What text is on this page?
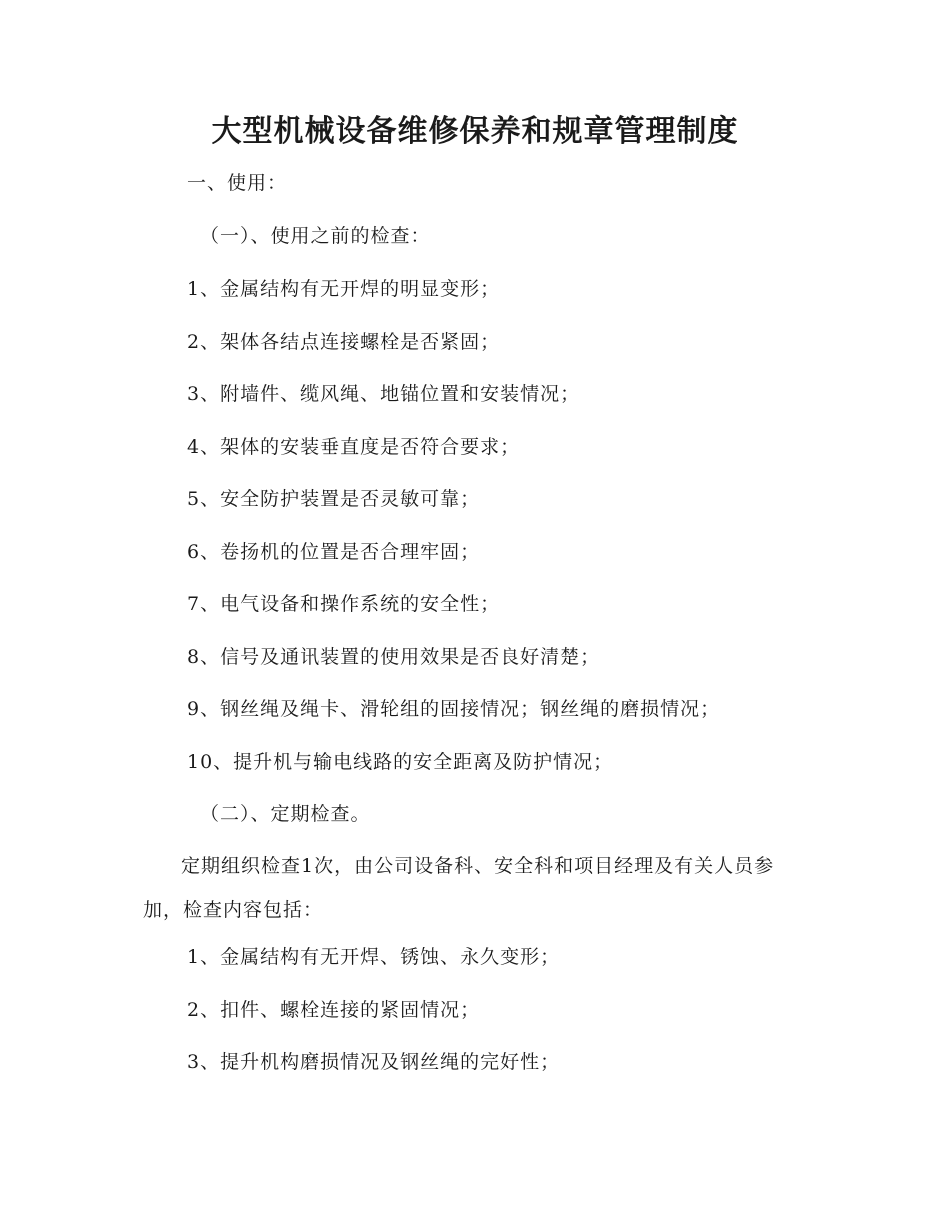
大型机械设备维修保养和规章管理制度

一、使用：

（一）、使用之前的检查：

1、金属结构有无开焊的明显变形；

2、架体各结点连接螺栓是否紧固；

3、附墙件、缆风绳、地锚位置和安装情况；

4、架体的安装垂直度是否符合要求；

5、安全防护装置是否灵敏可靠；

6、卷扬机的位置是否合理牢固；

7、电气设备和操作系统的安全性；

8、信号及通讯装置的使用效果是否良好清楚；

9、钢丝绳及绳卡、滑轮组的固接情况；钢丝绳的磨损情况；

10、提升机与输电线路的安全距离及防护情况；

（二）、定期检查。

定期组织检查1次，由公司设备科、安全科和项目经理及有关人员参加，检查内容包括：

1、金属结构有无开焊、锈蚀、永久变形；

2、扣件、螺栓连接的紧固情况；

3、提升机构磨损情况及钢丝绳的完好性；
